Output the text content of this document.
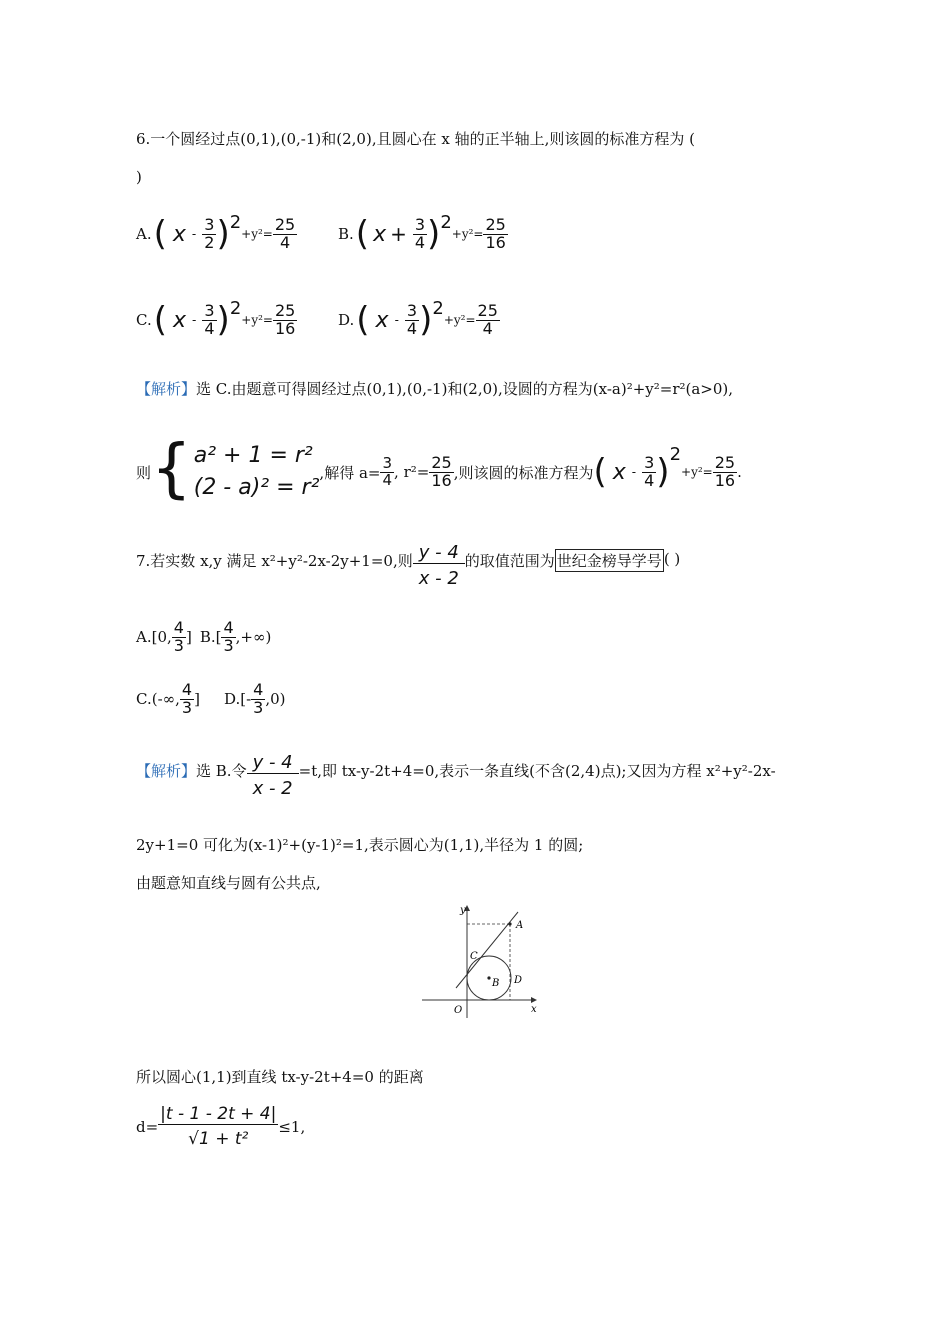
6.一个圆经过点(0,1),(0,-1)和(2,0),且圆心在 x 轴的正半轴上,则该圆的标准方程为 (
)
A. ( x - $\frac{3}{2}$ ) 2
$+y^2= \frac{25}{4}$	B. ( $x + \frac{3}{4}$ ) 2
$+y^2= \frac{25}{16}$
C. ( x - $\frac{3}{4}$ ) 2
$+y^2= \frac{25}{16}$	D. ( x - $\frac{3}{4}$ ) 2
$+y^2= \frac{25}{4}$
【解析】选 C.由题意可得圆经过点(0,1),(0,-1)和(2,0),设圆的方程为(x-a)²+y²=r²(a>0),
则 { a² + 1 = r²
(2 - a)² = r²
,解得 $a= \frac{3}{4}$ , $r^2= \frac{25}{16}$ ,则该圆的标准方程为 ( x - $\frac{3}{4}$ ) 2
$+y^2= \frac{25}{16}$ .
7.若实数 x,y 满足 x²+y²-2x-2y+1=0,则 $\frac{y - 4}{x - 2}$ 的取值范围为 世纪金榜导学号 ( )
A.[0, $\frac{4}{3}$ ] $B.[ \frac{4}{3}$ ,+∞)
C.(-∞, $\frac{4}{3}$ ] $D.[- \frac{4}{3} ,0)$
【解析】 选 B.令 $\frac{y - 4}{x - 2} =t$,即 tx-y-2t+4=0,表示一条直线(不含(2,4)点);又因为方程 x²+y²-2x-
2y+1=0 可化为(x-1)²+(y-1)²=1,表示圆心为(1,1),半径为 1 的圆;
由题意知直线与圆有公共点,
y
x
O
A
B
C
D
所以圆心(1,1)到直线 tx-y-2t+4=0 的距离
$d= \frac{|t - 1 - 2t + 4|}{\text{√1 + t²}} \le 1$,
